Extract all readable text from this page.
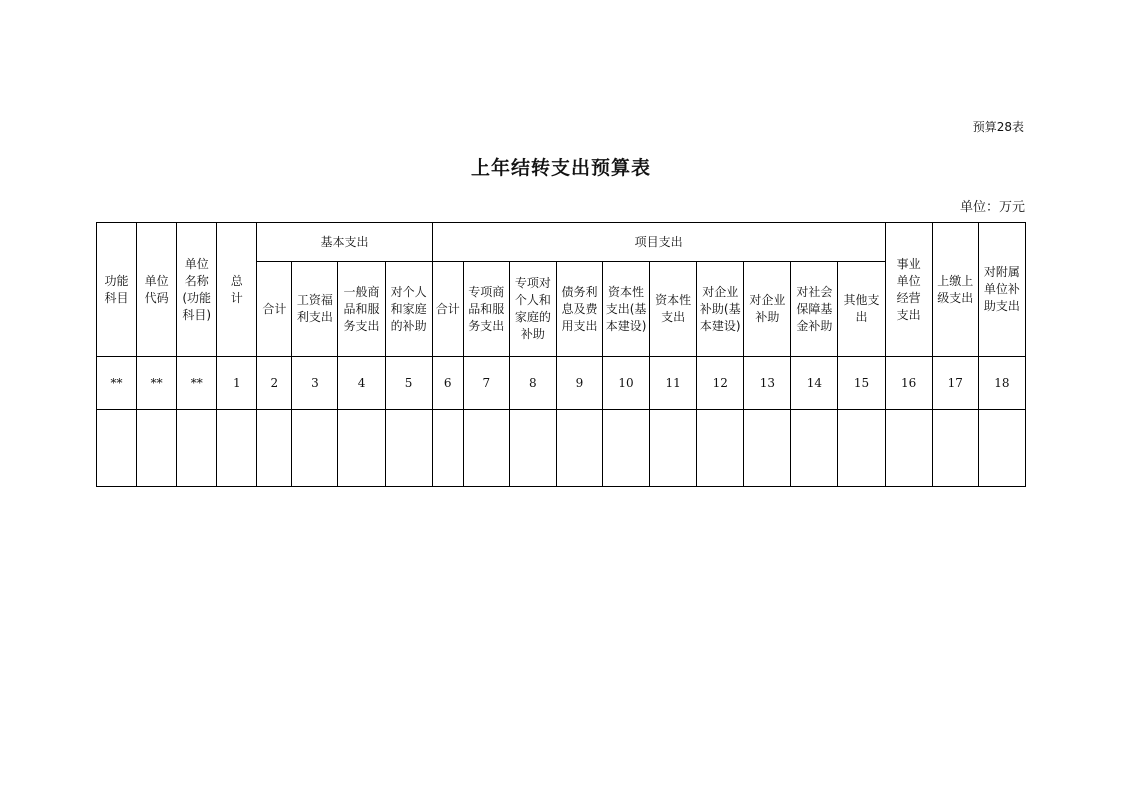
预算28表
上年结转支出预算表
单位：万元
功能科目	单位代码	单位名称(功能科目)	总　计	基本支出				项目支出										事业单位经营支出	上缴上级支出	对附属单位补助支出
				合计	工资福利支出	一般商品和服务支出	对个人和家庭的补助	合计	专项商品和服务支出	专项对个人和家庭的补助	债务利息及费用支出	资本性支出(基本建设)	资本性支出	对企业补助(基本建设)	对企业补助	对社会保障基金补助	其他支出			
**	**	**	1	2	3	4	5	6	7	8	9	10	11	12	13	14	15	16	17	18
